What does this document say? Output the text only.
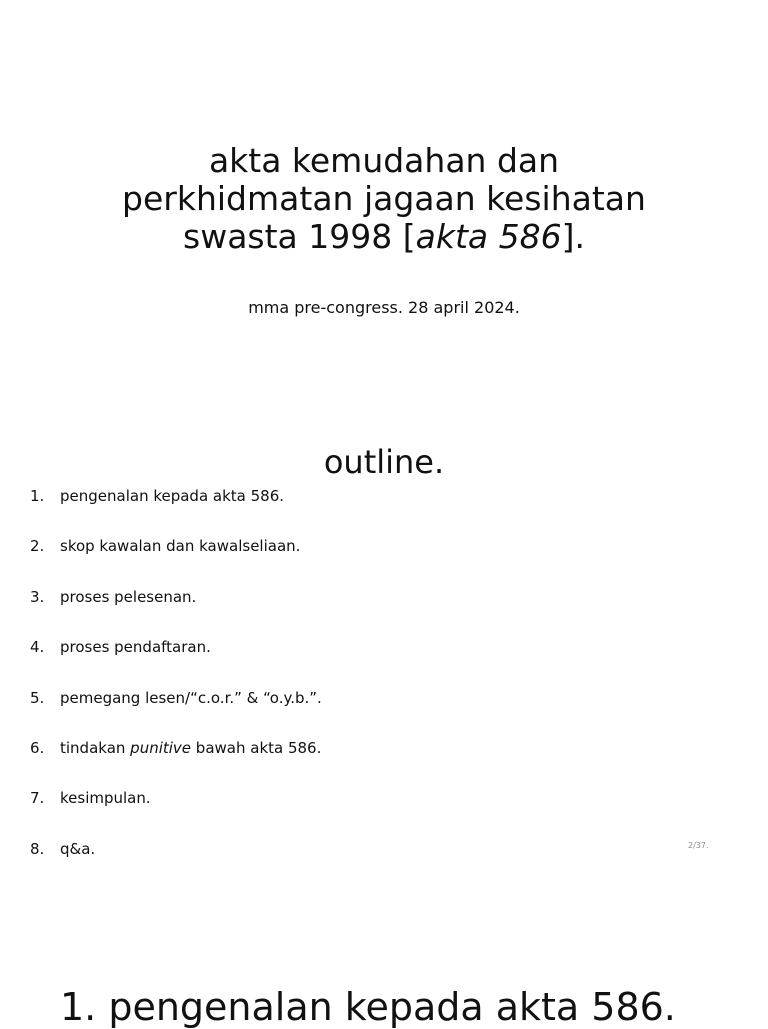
akta kemudahan dan
perkhidmatan jagaan kesihatan
swasta 1998 [akta 586].
mma pre-congress. 28 april 2024.
outline.
1.	pengenalan kepada akta 586.
2.	skop kawalan dan kawalseliaan.
3.	proses pelesenan.
4.	proses pendaftaran.
5.	pemegang lesen/“c.o.r.” & “o.y.b.”.
6.	tindakan punitive bawah akta 586.
7.	kesimpulan.
8.	q&a.	2/37.
1. pengenalan kepada akta 586.
